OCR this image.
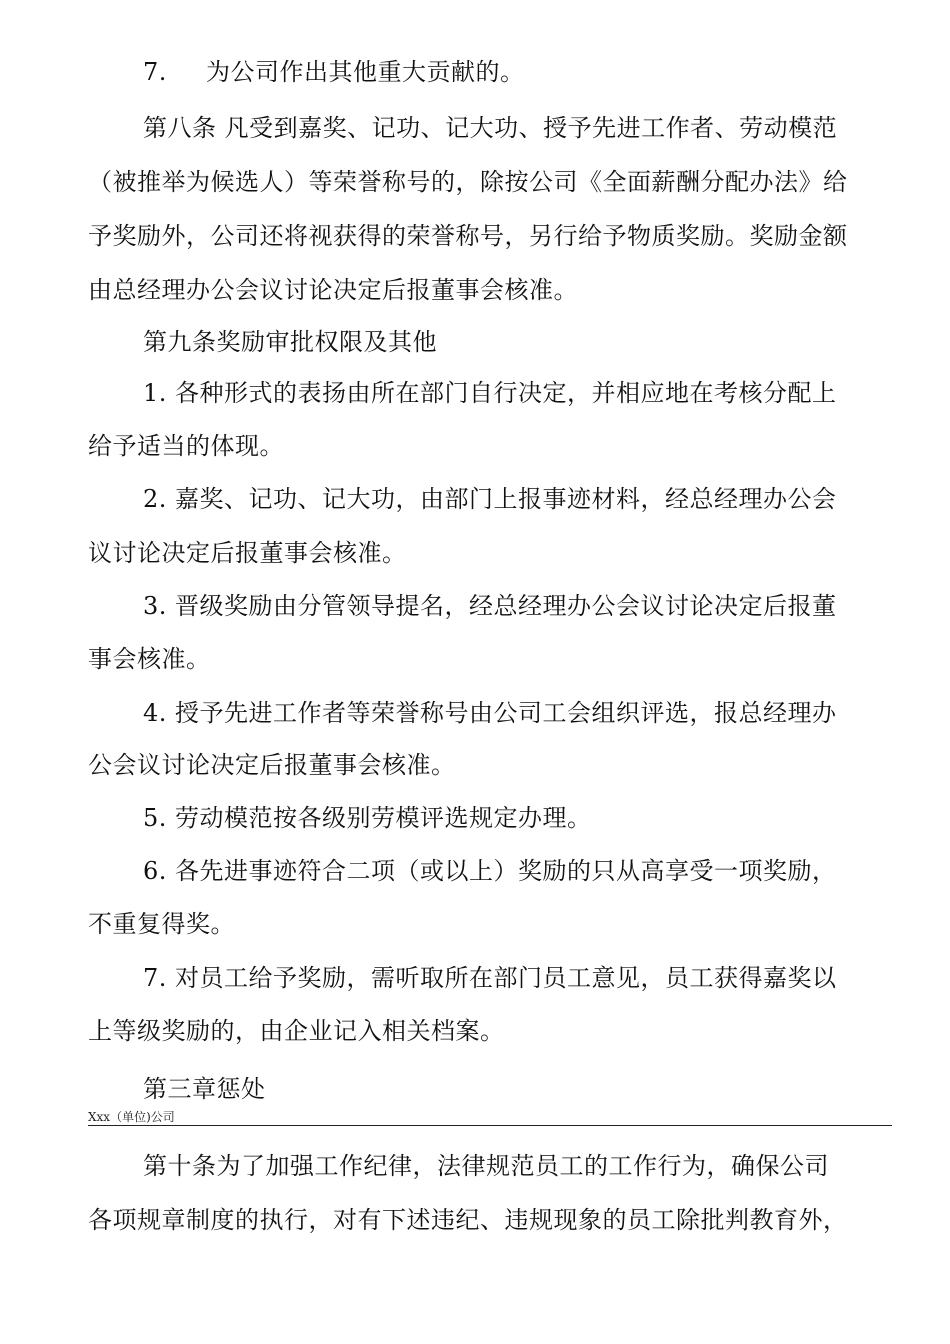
7. 为公司作出其他重大贡献的。
第八条 凡受到嘉奖、记功、记大功、授予先进工作者、劳动模范
（被推举为候选人）等荣誉称号的，除按公司《全面薪酬分配办法》给
予奖励外，公司还将视获得的荣誉称号，另行给予物质奖励。奖励金额
由总经理办公会议讨论决定后报董事会核准。
第九条奖励审批权限及其他
1. 各种形式的表扬由所在部门自行决定，并相应地在考核分配上
给予适当的体现。
2. 嘉奖、记功、记大功，由部门上报事迹材料，经总经理办公会
议讨论决定后报董事会核准。
3. 晋级奖励由分管领导提名，经总经理办公会议讨论决定后报董
事会核准。
4. 授予先进工作者等荣誉称号由公司工会组织评选，报总经理办
公会议讨论决定后报董事会核准。
5. 劳动模范按各级别劳模评选规定办理。
6. 各先进事迹符合二项（或以上）奖励的只从高享受一项奖励，
不重复得奖。
7. 对员工给予奖励，需听取所在部门员工意见，员工获得嘉奖以
上等级奖励的，由企业记入相关档案。
第三章惩处
Xxx（单位)公司
第十条为了加强工作纪律，法律规范员工的工作行为，确保公司
各项规章制度的执行，对有下述违纪、违规现象的员工除批判教育外，
